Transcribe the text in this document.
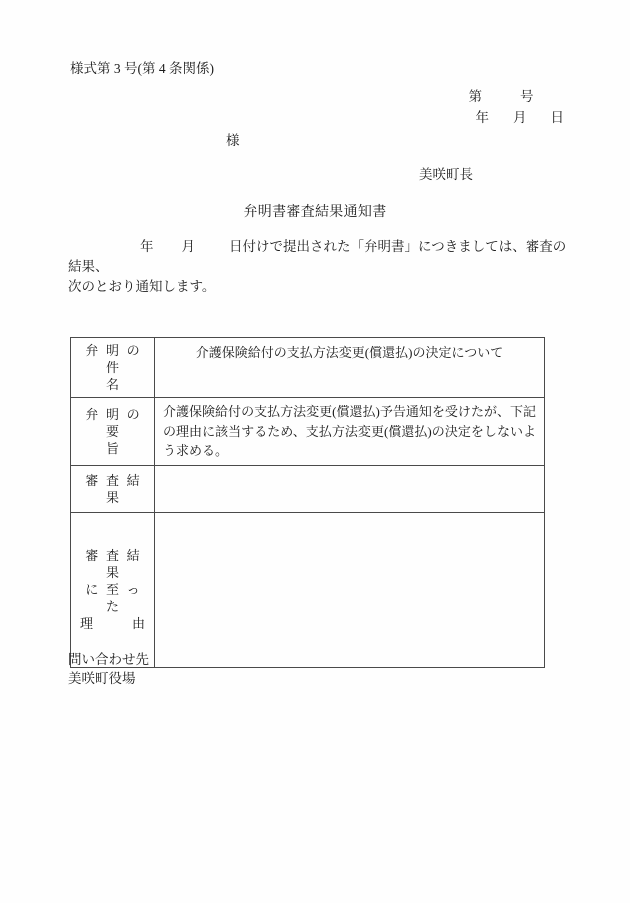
様式第 3 号(第 4 条関係)

第	号

年 月 日

様
美咲町長
弁明書審査結果通知書
年 月	日付けで提出された「弁明書」につきましては、審査の結果、
次のとおり通知します。
弁 明 の 件
名	介護保険給付の支払方法変更(償還払)の決定について

弁 明 の 要
旨	介護保険給付の支払方法変更(償還払)予告通知を受けたが、下記の理由に該当するため、支払方法変更(償還払)の決定をしないよう求める。

審 査 結 果	

審 査 結 果
に 至 っ た
理　　　由	

問い合わせ先
美咲町役場
